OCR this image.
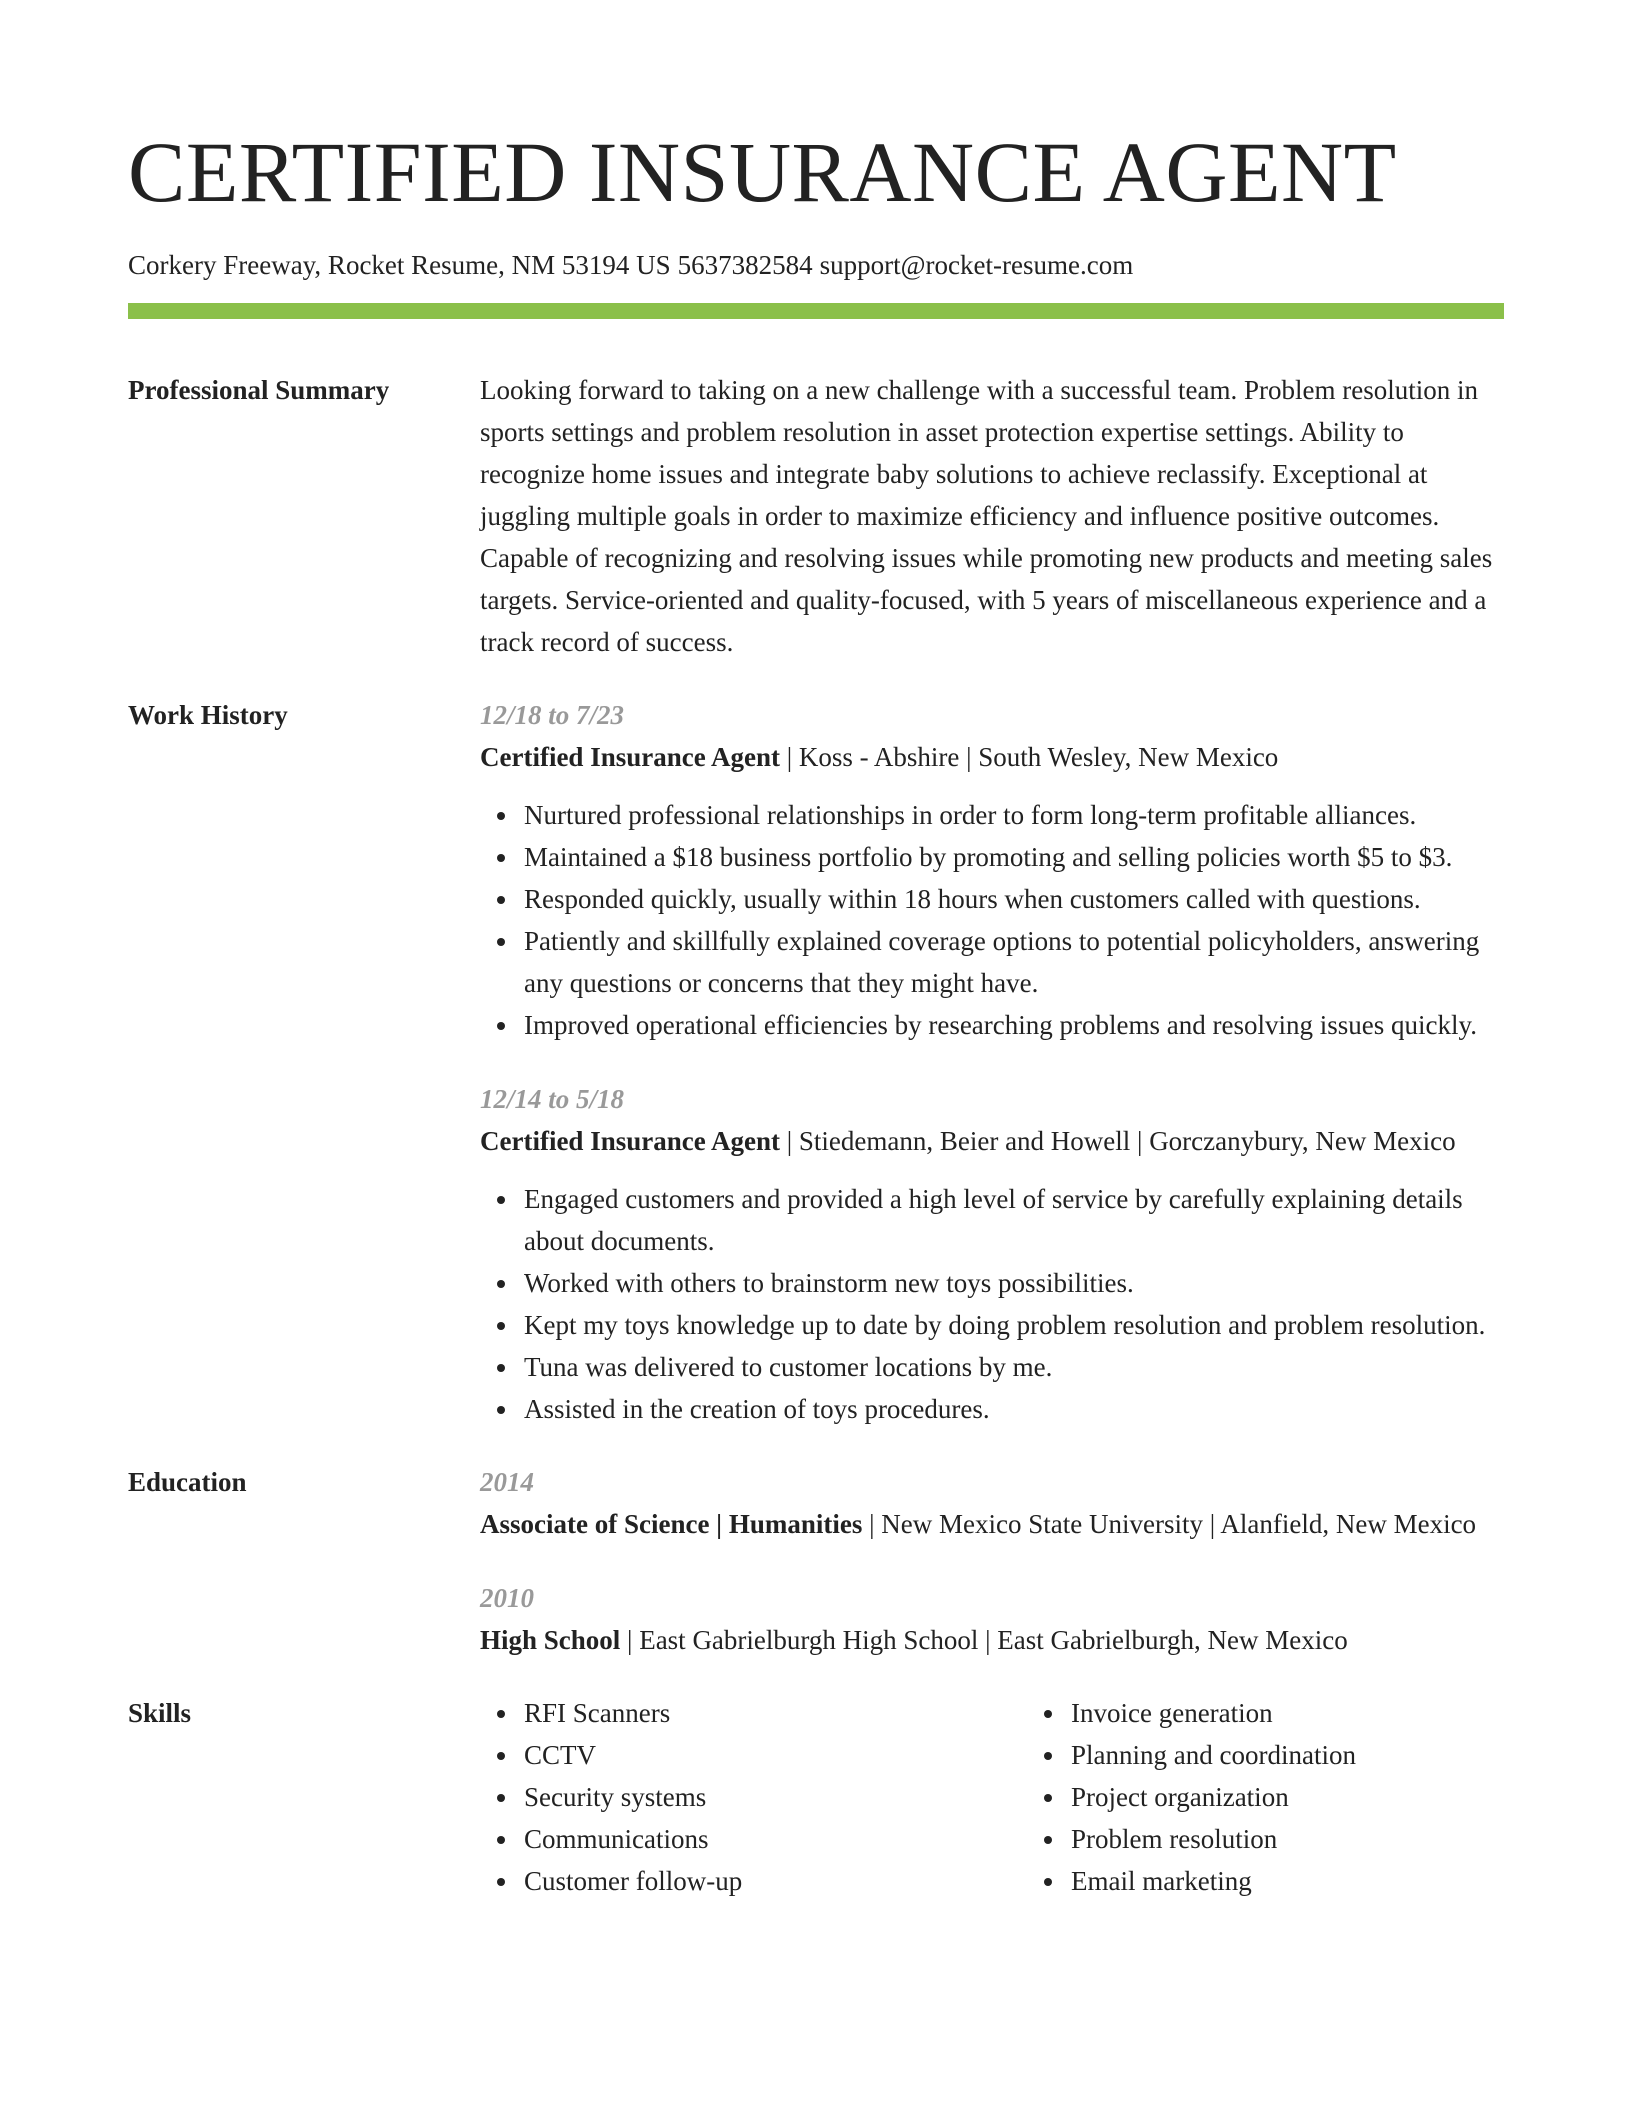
CERTIFIED INSURANCE AGENT
Corkery Freeway, Rocket Resume, NM 53194 US 5637382584 support@rocket-resume.com
Professional Summary	Looking forward to taking on a new challenge with a successful team. Problem resolution in sports settings and problem resolution in asset protection expertise settings. Ability to recognize home issues and integrate baby solutions to achieve reclassify. Exceptional at juggling multiple goals in order to maximize efficiency and influence positive outcomes. Capable of recognizing and resolving issues while promoting new products and meeting sales targets. Service-oriented and quality-focused, with 5 years of miscellaneous experience and a track record of success.

Work History	12/18 to 7/23
Certified Insurance Agent | Koss - Abshire | South Wesley, New Mexico
Nurtured professional relationships in order to form long-term profitable alliances.
Maintained a $18 business portfolio by promoting and selling policies worth $5 to $3.
Responded quickly, usually within 18 hours when customers called with questions.
Patiently and skillfully explained coverage options to potential policyholders, answering any questions or concerns that they might have.
Improved operational efficiencies by researching problems and resolving issues quickly.
12/14 to 5/18
Certified Insurance Agent | Stiedemann, Beier and Howell | Gorczanybury, New Mexico
Engaged customers and provided a high level of service by carefully explaining details about documents.
Worked with others to brainstorm new toys possibilities.
Kept my toys knowledge up to date by doing problem resolution and problem resolution.
Tuna was delivered to customer locations by me.
Assisted in the creation of toys procedures.
Education	2014
Associate of Science | Humanities | New Mexico State University | Alanfield, New Mexico
2010
High School | East Gabrielburgh High School | East Gabrielburgh, New Mexico
Skills	RFI Scanners
CCTV
Security systems
Communications
Customer follow-up
Invoice generation
Planning and coordination
Project organization
Problem resolution
Email marketing
